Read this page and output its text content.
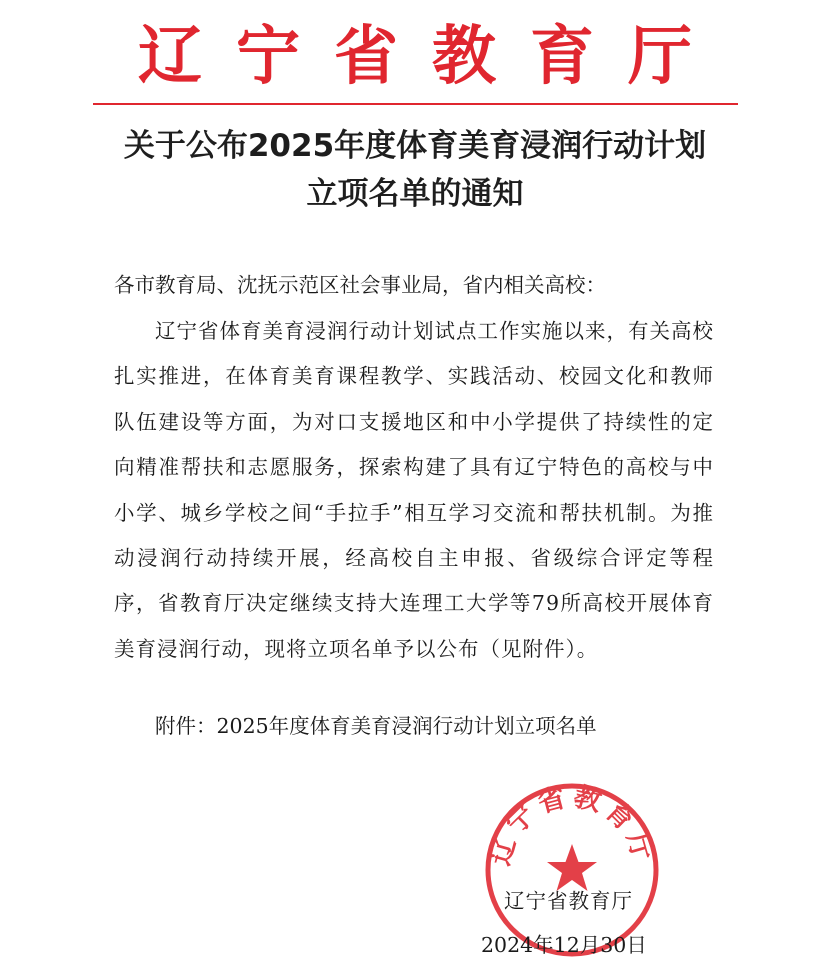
辽宁省教育厅
关于公布2025年度体育美育浸润行动计划
立项名单的通知
各市教育局、沈抚示范区社会事业局，省内相关高校：
辽宁省体育美育浸润行动计划试点工作实施以来，有关高校扎实推进，在体育美育课程教学、实践活动、校园文化和教师队伍建设等方面，为对口支援地区和中小学提供了持续性的定向精准帮扶和志愿服务，探索构建了具有辽宁特色的高校与中小学、城乡学校之间“手拉手”相互学习交流和帮扶机制。为推动浸润行动持续开展，经高校自主申报、省级综合评定等程序，省教育厅决定继续支持大连理工大学等79所高校开展体育美育浸润行动，现将立项名单予以公布（见附件）。
附件：2025年度体育美育浸润行动计划立项名单
辽宁省教育厅
辽宁省教育厅
2024年12月30日
